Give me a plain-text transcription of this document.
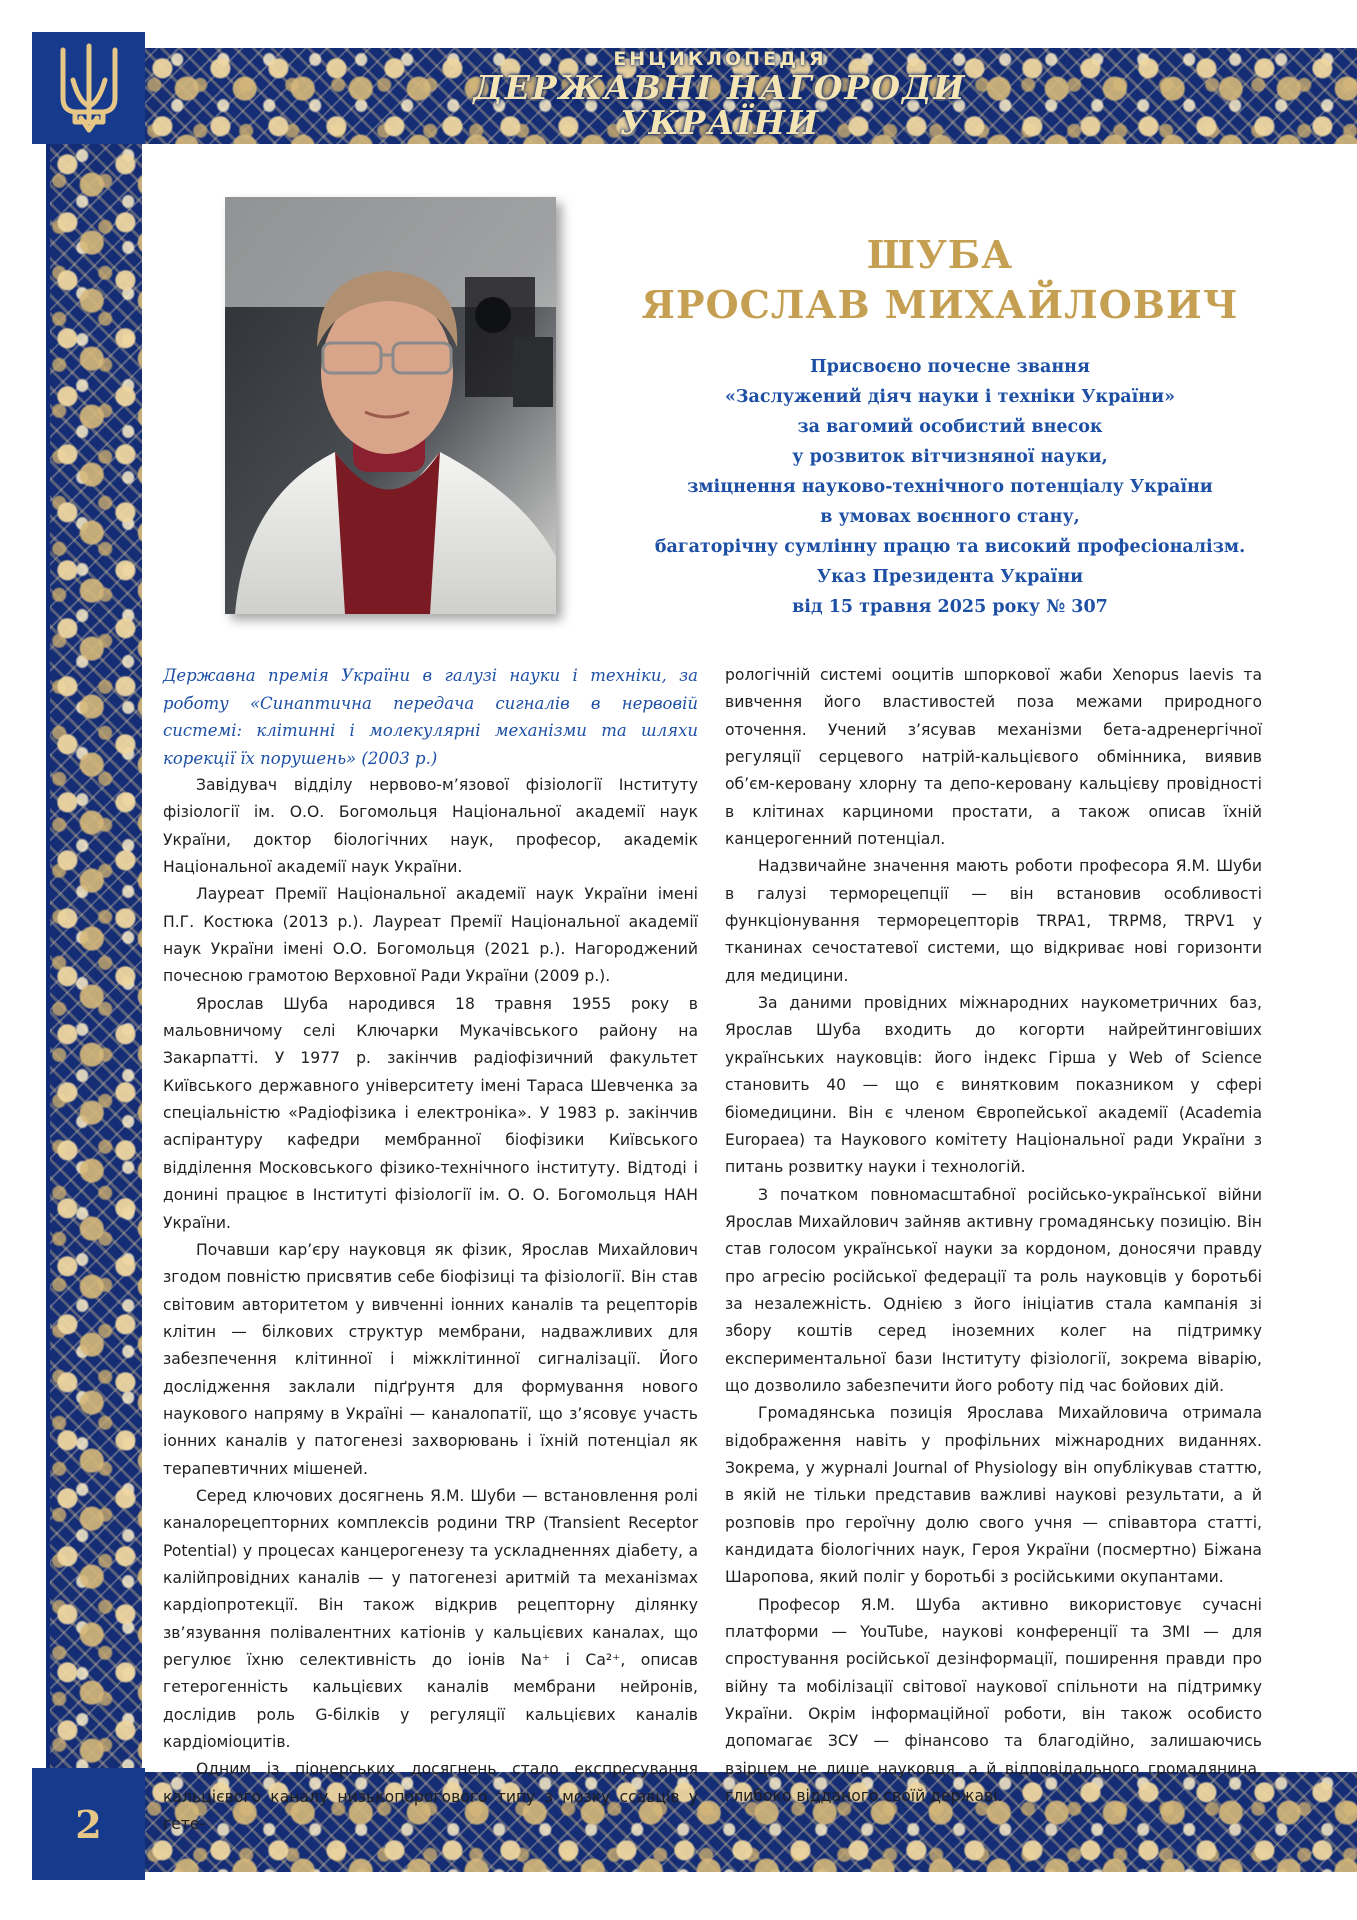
ЕНЦИКЛОПЕДІЯ
ДЕРЖАВНІ НАГОРОДИ
УКРАЇНИ
ШУБА
ЯРОСЛАВ МИХАЙЛОВИЧ
Присвоєно почесне звання
«Заслужений діяч науки і техніки України»
за вагомий особистий внесок
у розвиток вітчизняної науки,
зміцнення науково-технічного потенціалу України
в умовах воєнного стану,
багаторічну сумлінну працю та високий професіоналізм.
Указ Президента України
від 15 травня 2025 року № 307

Державна премія України в галузі науки і техніки, за роботу «Синаптична передача сигналів в нервовій системі: клітинні і молекулярні механізми та шляхи корекції їх порушень» (2003 р.)

Завідувач відділу нервово-м’язової фізіології Інституту фізіології ім. О.О. Богомольця Національної академії наук України, доктор біологічних наук, професор, академік Національної академії наук України.

Лауреат Премії Національної академії наук України імені П.Г. Костюка (2013 р.). Лауреат Премії Національної академії наук України імені О.О. Богомольця (2021 р.). Нагороджений почесною грамотою Верховної Ради України (2009 р.).

Ярослав Шуба народився 18 травня 1955 року в мальовничому селі Ключарки Мукачівського району на Закарпатті. У 1977 р. закінчив радіофізичний факультет Київського державного університету імені Тараса Шевченка за спеціальністю «Радіофізика і електроніка». У 1983 р. закінчив аспірантуру кафедри мембранної біофізики Київського відділення Московського фізико-технічного інституту. Відтоді і донині працює в Інституті фізіології ім. О. О. Богомольця НАН України.

Почавши кар’єру науковця як фізик, Ярослав Михайлович згодом повністю присвятив себе біофізиці та фізіології. Він став світовим авторитетом у вивченні іонних каналів та рецепторів клітин — білкових структур мембрани, надважливих для забезпечення клітинної і міжклітинної сигналізації. Його дослідження заклали підґрунтя для формування нового наукового напряму в Україні — каналопатії, що з’ясовує участь іонних каналів у патогенезі захворювань і їхній потенціал як терапевтичних мішеней.

Серед ключових досягнень Я.М. Шуби — встановлення ролі каналорецепторних комплексів родини TRP (Transient Receptor Potential) у процесах канцерогенезу та ускладненнях діабету, а калійпровідних каналів — у патогенезі аритмій та механізмах кардіопротекції. Він також відкрив рецепторну ділянку зв’язування полівалентних катіонів у кальцієвих каналах, що регулює їхню селективність до іонів Na⁺ і Ca²⁺, описав гетерогенність кальцієвих каналів мембрани нейронів, дослідив роль G-білків у регуляції кальцієвих каналів кардіоміоцитів.

Одним із піонерських досягнень стало експресування кальцієвого каналу низькопорогового типу з мозку ссавців у гете-

рологічній системі ооцитів шпоркової жаби Xenopus laevis та вивчення його властивостей поза межами природного оточення. Учений з’ясував механізми бета-адренергічної регуляції серцевого натрій-кальцієвого обмінника, виявив об’єм-керовану хлорну та депо-керовану кальцієву провідності в клітинах карциноми простати, а також описав їхній канцерогенний потенціал.

Надзвичайне значення мають роботи професора Я.М. Шуби в галузі терморецепції — він встановив особливості функціонування терморецепторів TRPA1, TRPM8, TRPV1 у тканинах сечостатевої системи, що відкриває нові горизонти для медицини.

За даними провідних міжнародних наукометричних баз, Ярослав Шуба входить до когорти найрейтинговіших українських науковців: його індекс Гірша у Web of Science становить 40 — що є винятковим показником у сфері біомедицини. Він є членом Європейської академії (Academia Europaea) та Наукового комітету Національної ради України з питань розвитку науки і технологій.

З початком повномасштабної російсько-української війни Ярослав Михайлович зайняв активну громадянську позицію. Він став голосом української науки за кордоном, доносячи правду про агресію російської федерації та роль науковців у боротьбі за незалежність. Однією з його ініціатив стала кампанія зі збору коштів серед іноземних колег на підтримку експериментальної бази Інституту фізіології, зокрема віварію, що дозволило забезпечити його роботу під час бойових дій.

Громадянська позиція Ярослава Михайловича отримала відображення навіть у профільних міжнародних виданнях. Зокрема, у журналі Journal of Physiology він опублікував статтю, в якій не тільки представив важливі наукові результати, а й розповів про героїчну долю свого учня — співавтора статті, кандидата біологічних наук, Героя України (посмертно) Біжана Шаропова, який поліг у боротьбі з російськими окупантами.

Професор Я.М. Шуба активно використовує сучасні платформи — YouTube, наукові конференції та ЗМІ — для спростування російської дезінформації, поширення правди про війну та мобілізації світової наукової спільноти на підтримку України. Окрім інформаційної роботи, він також особисто допомагає ЗСУ — фінансово та благодійно, залишаючись взірцем не лише науковця, а й відповідального громадянина, глибоко відданого своїй державі.

2
